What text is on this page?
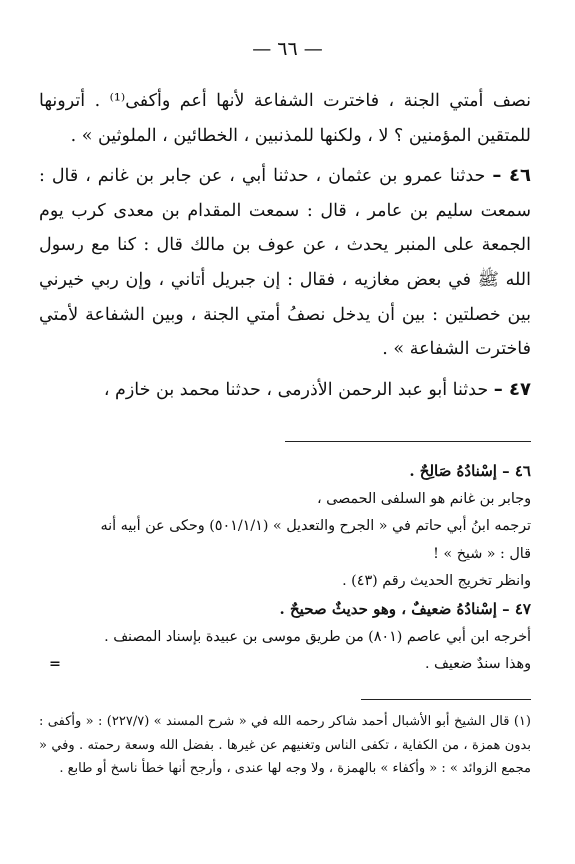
— ٦٦ —

نصف أمتي الجنة ، فاخترت الشفاعة لأنها أعم وأكفى⁽¹⁾ . أترونها للمتقين المؤمنين ؟ لا ، ولكنها للمذنبين ، الخطائين ، الملوثين » .

٤٦ – حدثنا عمرو بن عثمان ، حدثنا أبي ، عن جابر بن غانم ، قال : سمعت سليم بن عامر ، قال : سمعت المقدام بن معدى كرب يوم الجمعة على المنبر يحدث ، عن عوف بن مالك قال : كنا مع رسول الله ﷺ في بعض مغازيه ، فقال : إن جبريل أتاني ، وإن ربي خيرني بين خصلتين : بين أن يدخل نصفُ أمتي الجنة ، وبين الشفاعة لأمتي فاخترت الشفاعة » .

٤٧ – حدثنا أبو عبد الرحمن الأذرمى ، حدثنا محمد بن خازم ،

٤٦ – إسْنادُهُ صَالِحٌ .

وجابر بن غانم هو السلفى الحمصى ،

ترجمه ابنُ أبي حاتم في « الجرح والتعديل » (٥٠١/١/١) وحكى عن أبيه أنه

قال : « شيخ » !

وانظر تخريج الحديث رقم (٤٣) .

٤٧ – إسْنادُهُ ضعيفٌ ، وهو حديثٌ صحيحٌ .

أخرجه ابن أبي عاصم (٨٠١) من طريق موسى بن عبيدة بإسناد المصنف .

وهذا سندٌ ضعيف .
=

(١) قال الشيخ أبو الأشبال أحمد شاكر رحمه الله في « شرح المسند » (٢٢٧/٧) : « وأكفى : بدون همزة ، من الكفاية ، تكفى الناس وتغنيهم عن غيرها . بفضل الله وسعة رحمته . وفي « مجمع الزوائد » : « وأكفاء » بالهمزة ، ولا وجه لها عندى ، وأرجح أنها خطأ ناسخ أو طابع .
